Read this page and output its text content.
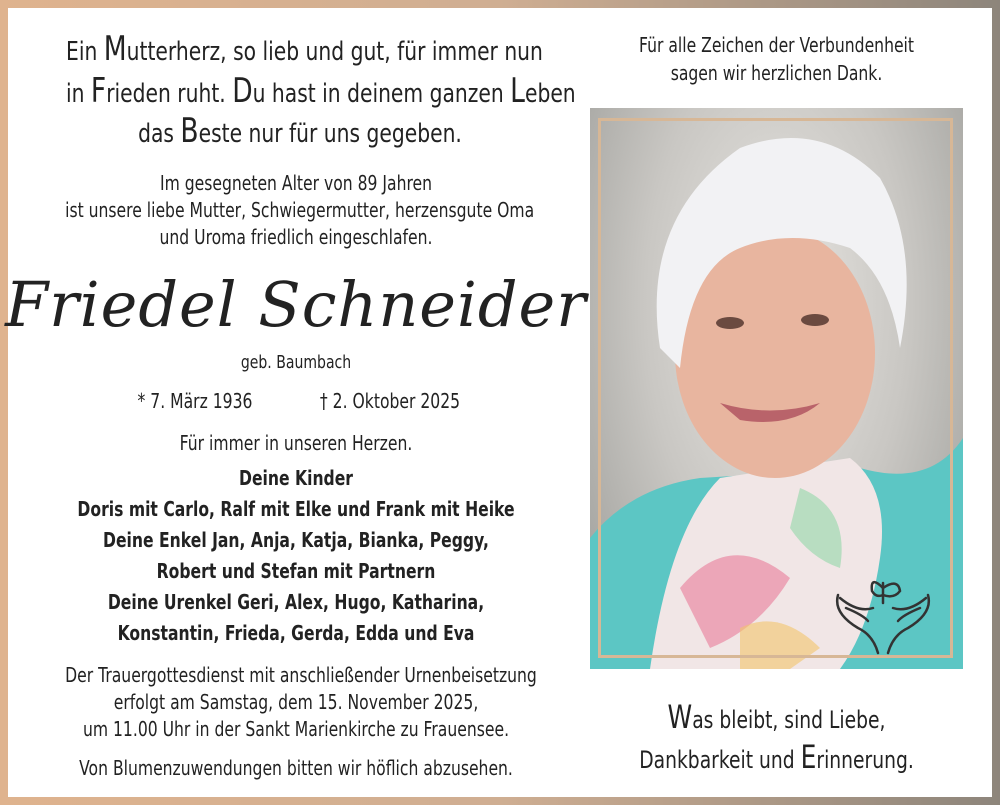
Ein Mutterherz, so lieb und gut, für immer nun
in Frieden ruht. Du hast in deinem ganzen Leben
das Beste nur für uns gegeben.
Im gesegneten Alter von 89 Jahren
ist unsere liebe Mutter, Schwiegermutter, herzensgute Oma
und Uroma friedlich eingeschlafen.
Friedel Schneider
geb. Baumbach
* 7. März 1936	† 2. Oktober 2025
Für immer in unseren Herzen.
Deine Kinder
Doris mit Carlo, Ralf mit Elke und Frank mit Heike
Deine Enkel Jan, Anja, Katja, Bianka, Peggy,
Robert und Stefan mit Partnern
Deine Urenkel Geri, Alex, Hugo, Katharina,
Konstantin, Frieda, Gerda, Edda und Eva
Der Trauergottesdienst mit anschließender Urnenbeisetzung
erfolgt am Samstag, dem 15. November 2025,
um 11.00 Uhr in der Sankt Marienkirche zu Frauensee.
Von Blumenzuwendungen bitten wir höflich abzusehen.
Für alle Zeichen der Verbundenheit
sagen wir herzlichen Dank.
Was bleibt, sind Liebe,
Dankbarkeit und Erinnerung.
